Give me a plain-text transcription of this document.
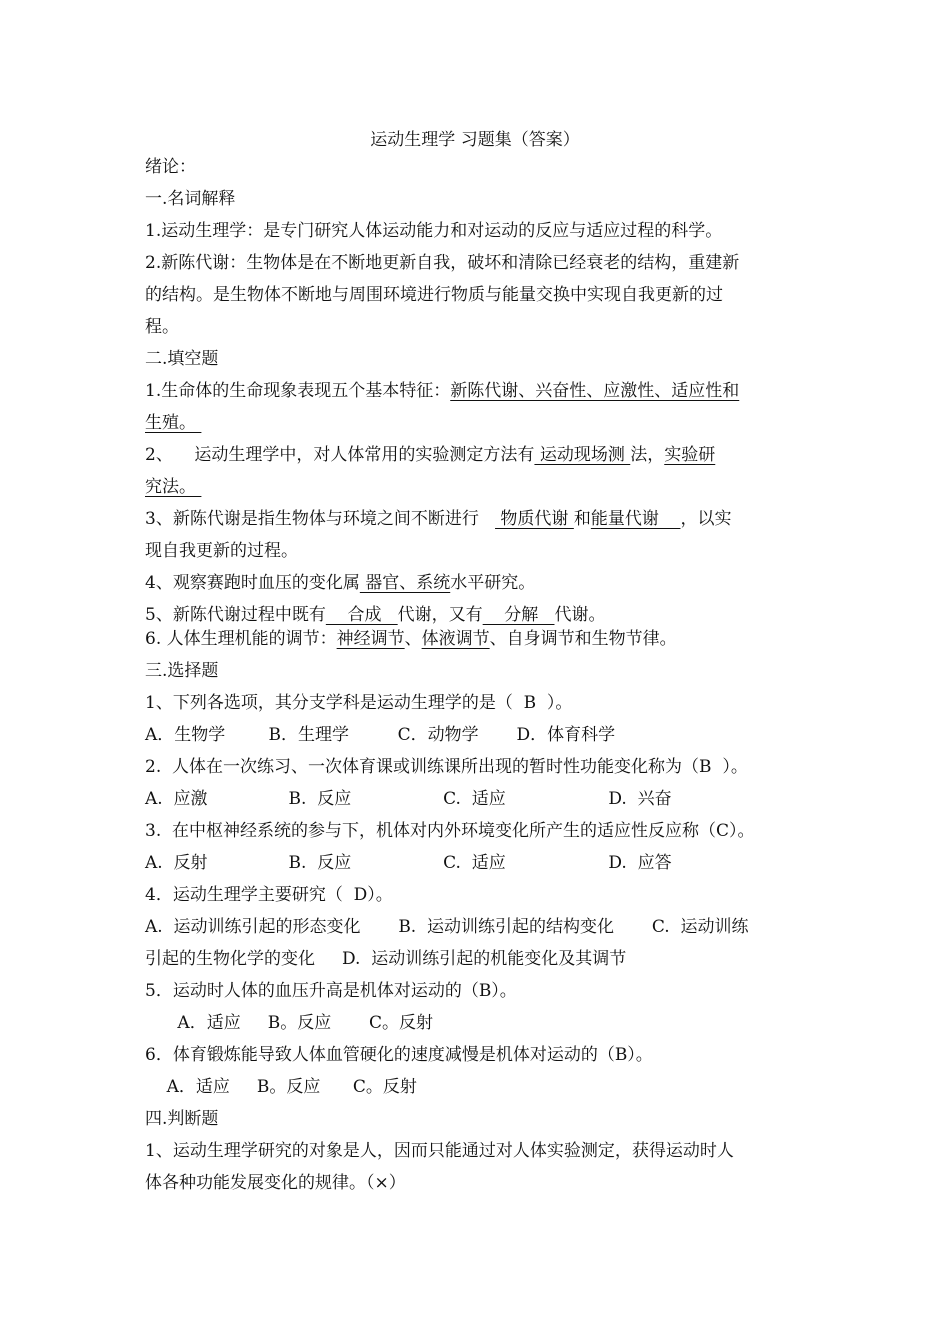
运动生理学 习题集（答案）
绪论：
一.名词解释
1.运动生理学：是专门研究人体运动能力和对运动的反应与适应过程的科学。
2.新陈代谢：生物体是在不断地更新自我，破坏和清除已经衰老的结构，重建新
的结构。是生物体不断地与周围环境进行物质与能量交换中实现自我更新的过
程。
二.填空题
1.生命体的生命现象表现五个基本特征：新陈代谢、兴奋性、应激性、适应性和
生殖。
2、    运动生理学中，对人体常用的实验测定方法有 运动现场测 法，实验研
究法。
3、新陈代谢是指生物体与环境之间不断进行    物质代谢 和能量代谢    ，以实
现自我更新的过程。
4、观察赛跑时血压的变化属 器官、系统水平研究。
5、新陈代谢过程中既有    合成   代谢，又有    分解   代谢。
6. 人体生理机能的调节：神经调节、体液调节、自身调节和生物节律。
三.选择题
1、下列各选项，其分支学科是运动生理学的是（  B  ）。
A．生物学        B．生理学         C．动物学       D．体育科学
2.  人体在一次练习、一次体育课或训练课所出现的暂时性功能变化称为（B  ）。
A.  应激               B.  反应                 C.  适应                   D.  兴奋
3.  在中枢神经系统的参与下，机体对内外环境变化所产生的适应性反应称（C）。
A.  反射               B.  反应                 C.  适应                   D.  应答
4．运动生理学主要研究（  D）。
A.  运动训练引起的形态变化       B.  运动训练引起的结构变化       C.  运动训练
引起的生物化学的变化     D.  运动训练引起的机能变化及其调节
5．运动时人体的血压升高是机体对运动的（B）。
A．适应     B。反应       C。反射
6．体育锻炼能导致人体血管硬化的速度减慢是机体对运动的（B）。
A．适应     B。反应      C。反射
四.判断题
1、运动生理学研究的对象是人，因而只能通过对人体实验测定，获得运动时人
体各种功能发展变化的规律。（×）
